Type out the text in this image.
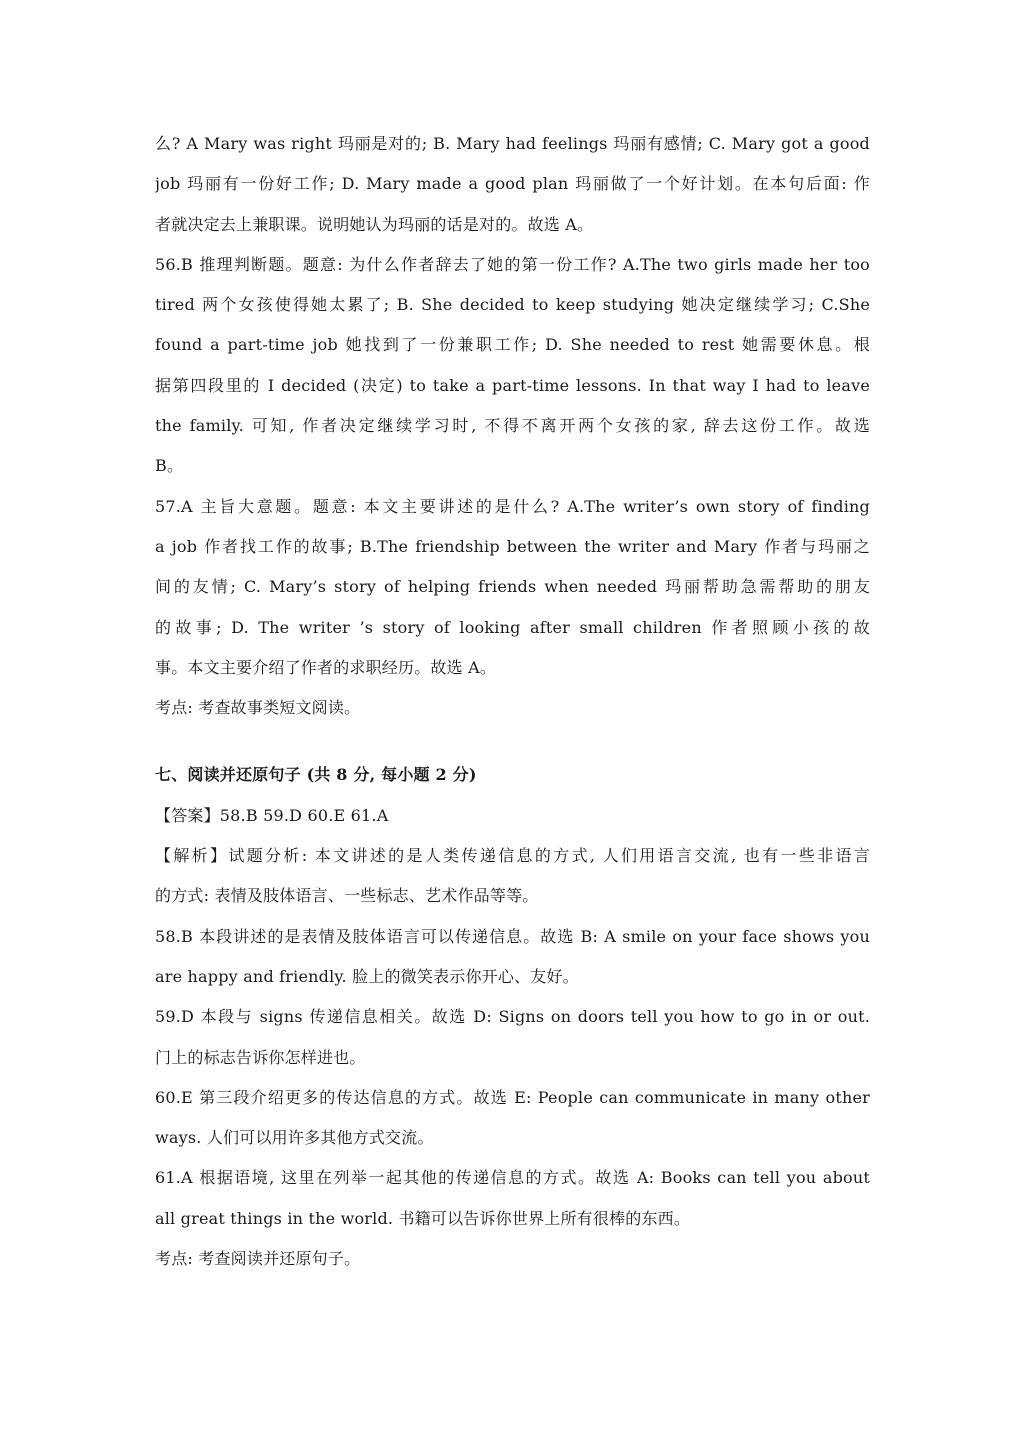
么? A Mary was right 玛丽是对的; B. Mary had feelings 玛丽有感情; C. Mary got a good
job 玛丽有一份好工作; D. Mary made a good plan 玛丽做了一个好计划。在本句后面: 作
者就决定去上兼职课。说明她认为玛丽的话是对的。故选 A。
56.B 推理判断题。题意: 为什么作者辞去了她的第一份工作? A.The two girls made her too
tired 两个女孩使得她太累了; B. She decided to keep studying 她决定继续学习; C.She
found a part-time job 她找到了一份兼职工作; D. She needed to rest 她需要休息。根
据第四段里的 I decided (决定) to take a part-time lessons. In that way I had to leave
the family. 可知, 作者决定继续学习时, 不得不离开两个女孩的家, 辞去这份工作。故选
B。
57.A 主旨大意题。题意: 本文主要讲述的是什么? A.The writer’s own story of finding
a job 作者找工作的故事; B.The friendship between the writer and Mary 作者与玛丽之
间的友情; C. Mary’s story of helping friends when needed 玛丽帮助急需帮助的朋友
的故事; D. The writer ’s story of looking after small children 作者照顾小孩的故
事。本文主要介绍了作者的求职经历。故选 A。
考点: 考查故事类短文阅读。
七、阅读并还原句子 (共 8 分, 每小题 2 分)
【答案】58.B 59.D 60.E 61.A
【解析】试题分析: 本文讲述的是人类传递信息的方式, 人们用语言交流, 也有一些非语言
的方式: 表情及肢体语言、一些标志、艺术作品等等。
58.B 本段讲述的是表情及肢体语言可以传递信息。故选 B: A smile on your face shows you
are happy and friendly. 脸上的微笑表示你开心、友好。
59.D 本段与 signs 传递信息相关。故选 D: Signs on doors tell you how to go in or out.
门上的标志告诉你怎样进也。
60.E 第三段介绍更多的传达信息的方式。故选 E: People can communicate in many other
ways. 人们可以用许多其他方式交流。
61.A 根据语境, 这里在列举一起其他的传递信息的方式。故选 A: Books can tell you about
all great things in the world. 书籍可以告诉你世界上所有很棒的东西。
考点: 考查阅读并还原句子。
